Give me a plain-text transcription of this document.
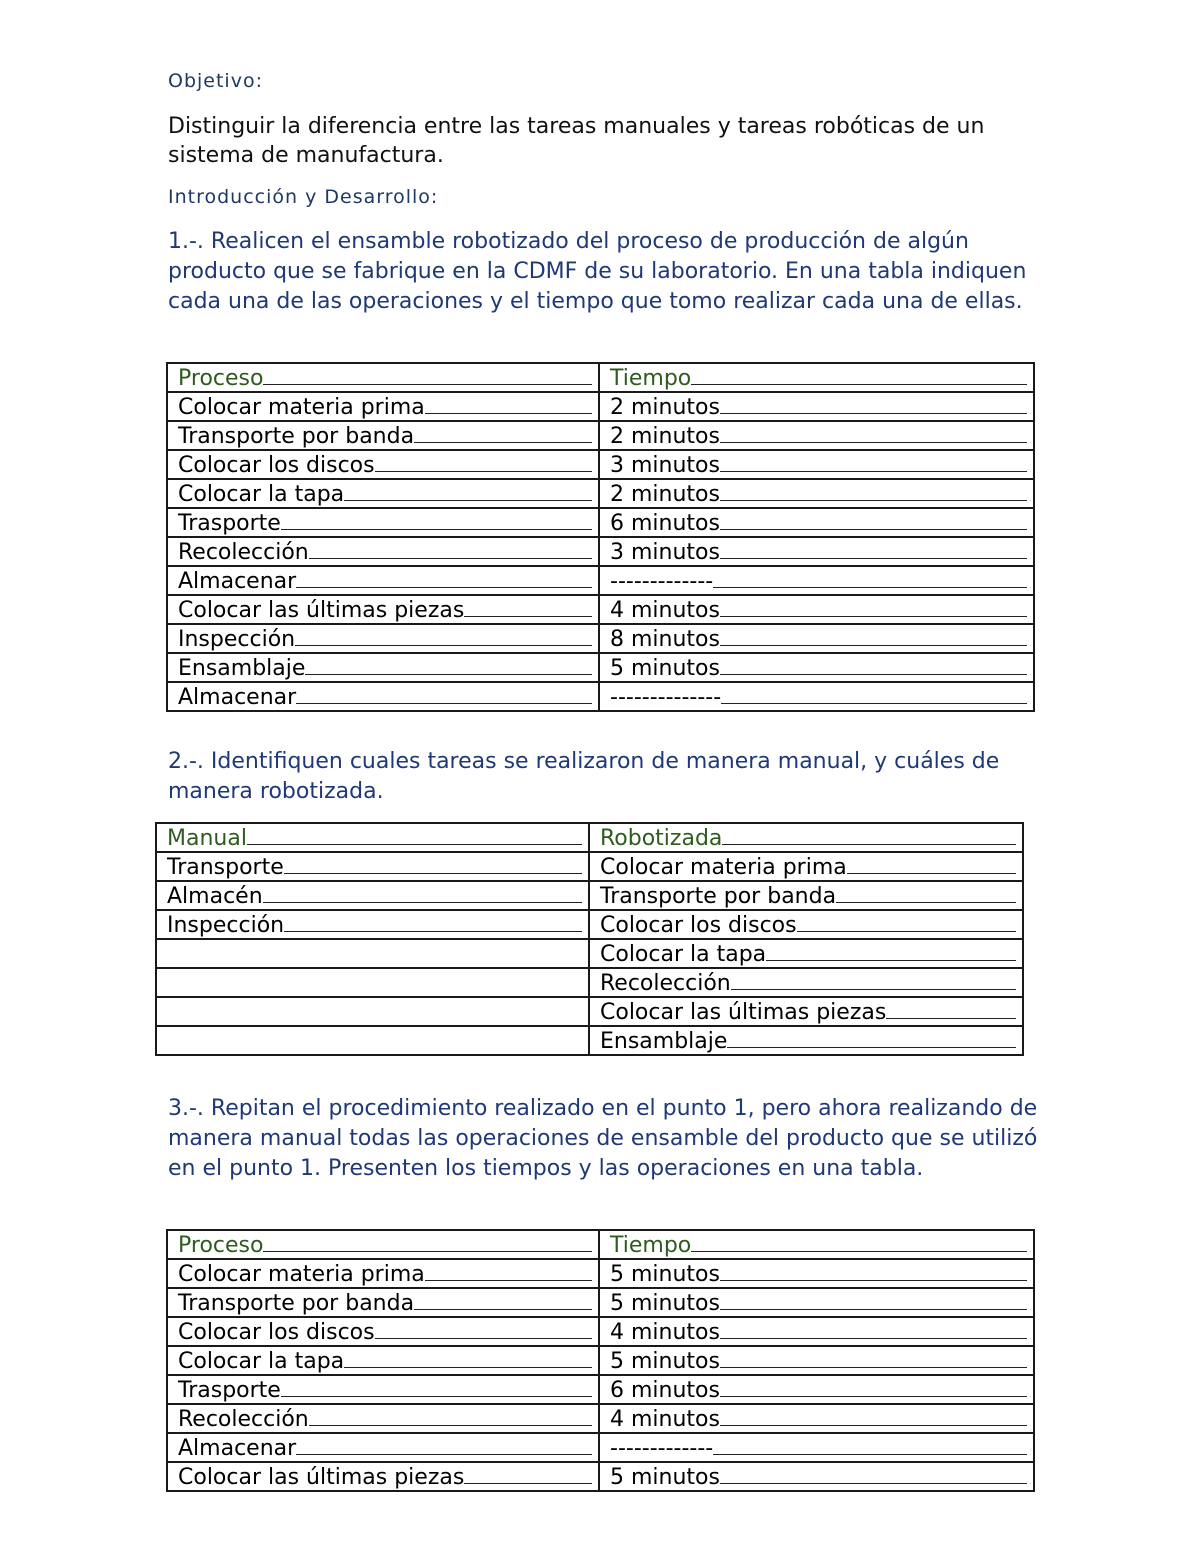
Objetivo:

Distinguir la diferencia entre las tareas manuales y tareas robóticas de un sistema de manufactura.

Introducción y Desarrollo:

1.-. Realicen el ensamble robotizado del proceso de producción de algún producto que se fabrique en la CDMF de su laboratorio. En una tabla indiquen cada una de las operaciones y el tiempo que tomo realizar cada una de ellas.

Proceso	Tiempo
Colocar materia prima	2 minutos
Transporte por banda	2 minutos
Colocar los discos	3 minutos
Colocar la tapa	2 minutos
Trasporte	6 minutos
Recolección	3 minutos
Almacenar	-------------
Colocar las últimas piezas	4 minutos
Inspección	8 minutos
Ensamblaje	5 minutos
Almacenar	--------------

2.-. Identifiquen cuales tareas se realizaron de manera manual, y cuáles de manera robotizada.

Manual	Robotizada
Transporte	Colocar materia prima
Almacén	Transporte por banda
Inspección	Colocar los discos
	Colocar la tapa
	Recolección
	Colocar las últimas piezas
	Ensamblaje

3.-. Repitan el procedimiento realizado en el punto 1, pero ahora realizando de manera manual todas las operaciones de ensamble del producto que se utilizó en el punto 1. Presenten los tiempos y las operaciones en una tabla.

Proceso	Tiempo
Colocar materia prima	5 minutos
Transporte por banda	5 minutos
Colocar los discos	4 minutos
Colocar la tapa	5 minutos
Trasporte	6 minutos
Recolección	4 minutos
Almacenar	-------------
Colocar las últimas piezas	5 minutos
